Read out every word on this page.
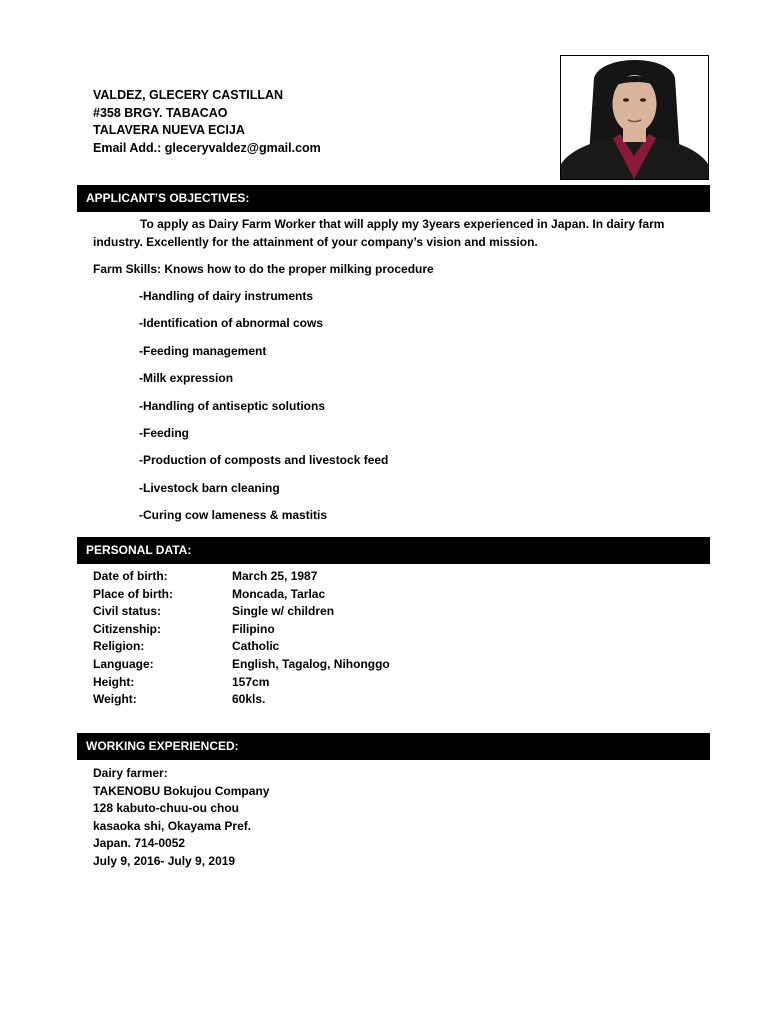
VALDEZ, GLECERY CASTILLAN
#358 BRGY. TABACAO
TALAVERA NUEVA ECIJA
Email Add.: gleceryvaldez@gmail.com
APPLICANT’S OBJECTIVES:

To apply as Dairy Farm Worker that will apply my 3years experienced in Japan. In dairy farm industry. Excellently for the attainment of your company’s vision and mission.

Farm Skills: Knows how to do the proper milking procedure
-Handling of dairy instruments
-Identification of abnormal cows
-Feeding management
-Milk expression
-Handling of antiseptic solutions
-Feeding
-Production of composts and livestock feed
-Livestock barn cleaning
-Curing cow lameness & mastitis
PERSONAL DATA:
Date of birth:	March 25, 1987
Place of birth:	Moncada, Tarlac
Civil status:	Single w/ children
Citizenship:	Filipino
Religion:	Catholic
Language:	English, Tagalog, Nihonggo
Height:	157cm
Weight:	60kls.
WORKING EXPERIENCED:
Dairy farmer:
TAKENOBU Bokujou Company
128 kabuto-chuu-ou chou
kasaoka shi, Okayama Pref.
Japan. 714-0052
July 9, 2016- July 9, 2019
